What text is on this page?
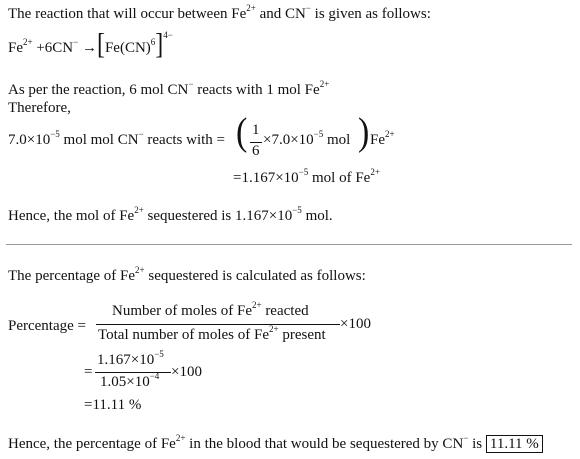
The reaction that will occur between $Fe^{2+}$ and CN− is given as follows:
$Fe^{2+} +6CN^- \to[Fe(CN)^6]^{4-}$
As per the reaction, 6 mol CN− reacts with 1 mol $Fe^{2+}$
Therefore,
$7.0\times 10^{-5}$ mol mol CN− reacts with = ( 1
6
$\times 7.0\times 10^{-5}$ mol ) $Fe^{2+}$
$=1.167\times 10^{-5}$ mol of $Fe^{2+}$
Hence, the mol of $Fe^{2+}$ sequestered is $1.167\times 10^{-5}$ mol.
The percentage of $Fe^{2+}$ sequestered is calculated as follows:
Percentage =
Number of moles of $Fe^{2+}$ reacted
Total number of moles of $Fe^{2+}$ present
×100
=
$1.167\times 10^{-5}$
$1.05\times 10^{-4} \times 100$
=11.11 %
Hence, the percentage of $Fe^{2+}$ in the blood that would be sequestered by CN− is 11.11 %
